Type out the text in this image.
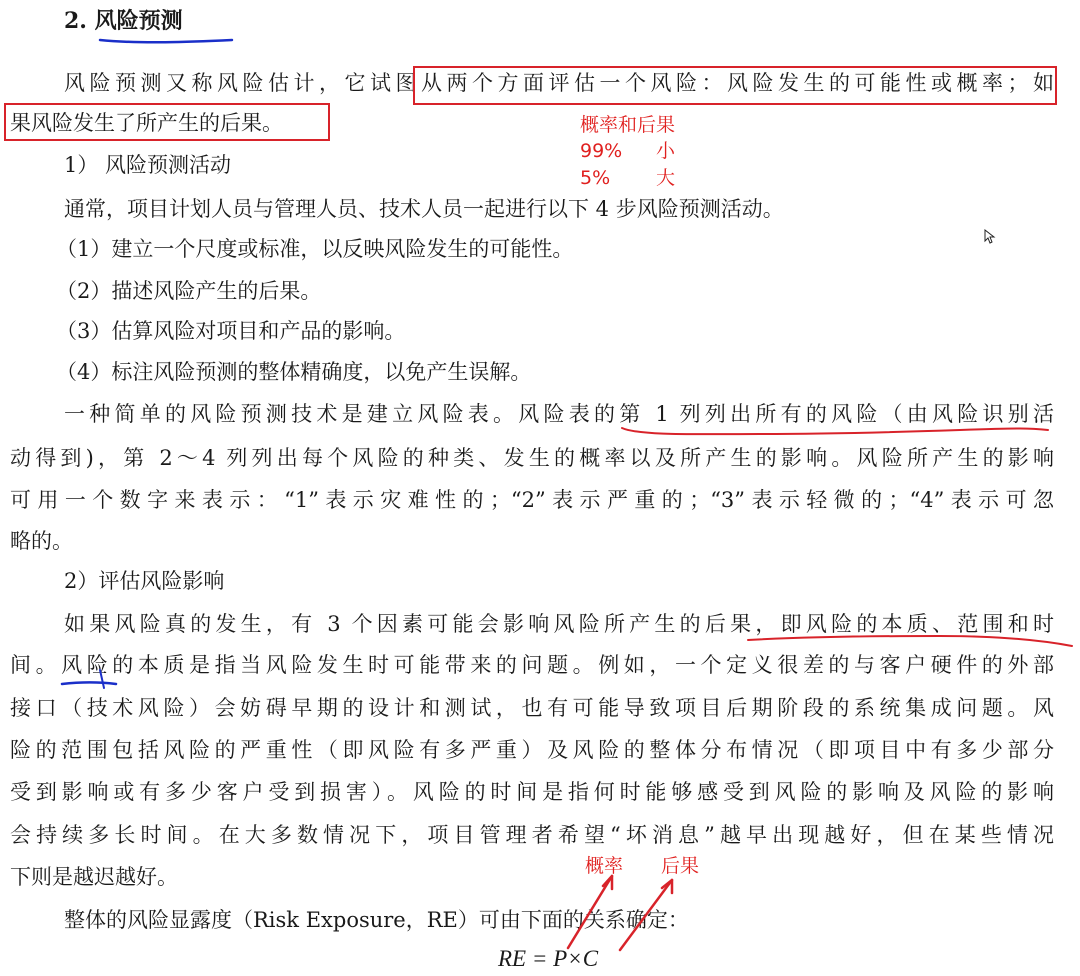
2. 风险预测
风险预测又称风险估计，它试图从两个方面评估一个风险：风险发生的可能性或概率；如
果风险发生了所产生的后果。	概率和后果
99% 小
5% 大
1） 风险预测活动
通常，项目计划人员与管理人员、技术人员一起进行以下 4 步风险预测活动。
（1）建立一个尺度或标准，以反映风险发生的可能性。
（2）描述风险产生的后果。
（3）估算风险对项目和产品的影响。
（4）标注风险预测的整体精确度，以免产生误解。
一种简单的风险预测技术是建立风险表。风险表的第 1 列列出所有的风险（由风险识别活
动得到)，第 2～4 列列出每个风险的种类、发生的概率以及所产生的影响。风险所产生的影响
可用一个数字来表示：“1”表示灾难性的；“2”表示严重的；“3”表示轻微的；“4”表示可忽
略的。
2）评估风险影响
如果风险真的发生，有 3 个因素可能会影响风险所产生的后果，即风险的本质、范围和时
间。风险的本质是指当风险发生时可能带来的问题。例如，一个定义很差的与客户硬件的外部
接口（技术风险）会妨碍早期的设计和测试，也有可能导致项目后期阶段的系统集成问题。风
险的范围包括风险的严重性（即风险有多严重）及风险的整体分布情况（即项目中有多少部分
受到影响或有多少客户受到损害）。风险的时间是指何时能够感受到风险的影响及风险的影响
会持续多长时间。在大多数情况下，项目管理者希望“坏消息”越早出现越好，但在某些情况
下则是越迟越好。	概率 后果
整体的风险显露度（Risk Exposure，RE）可由下面的关系确定：
RE = P×C
